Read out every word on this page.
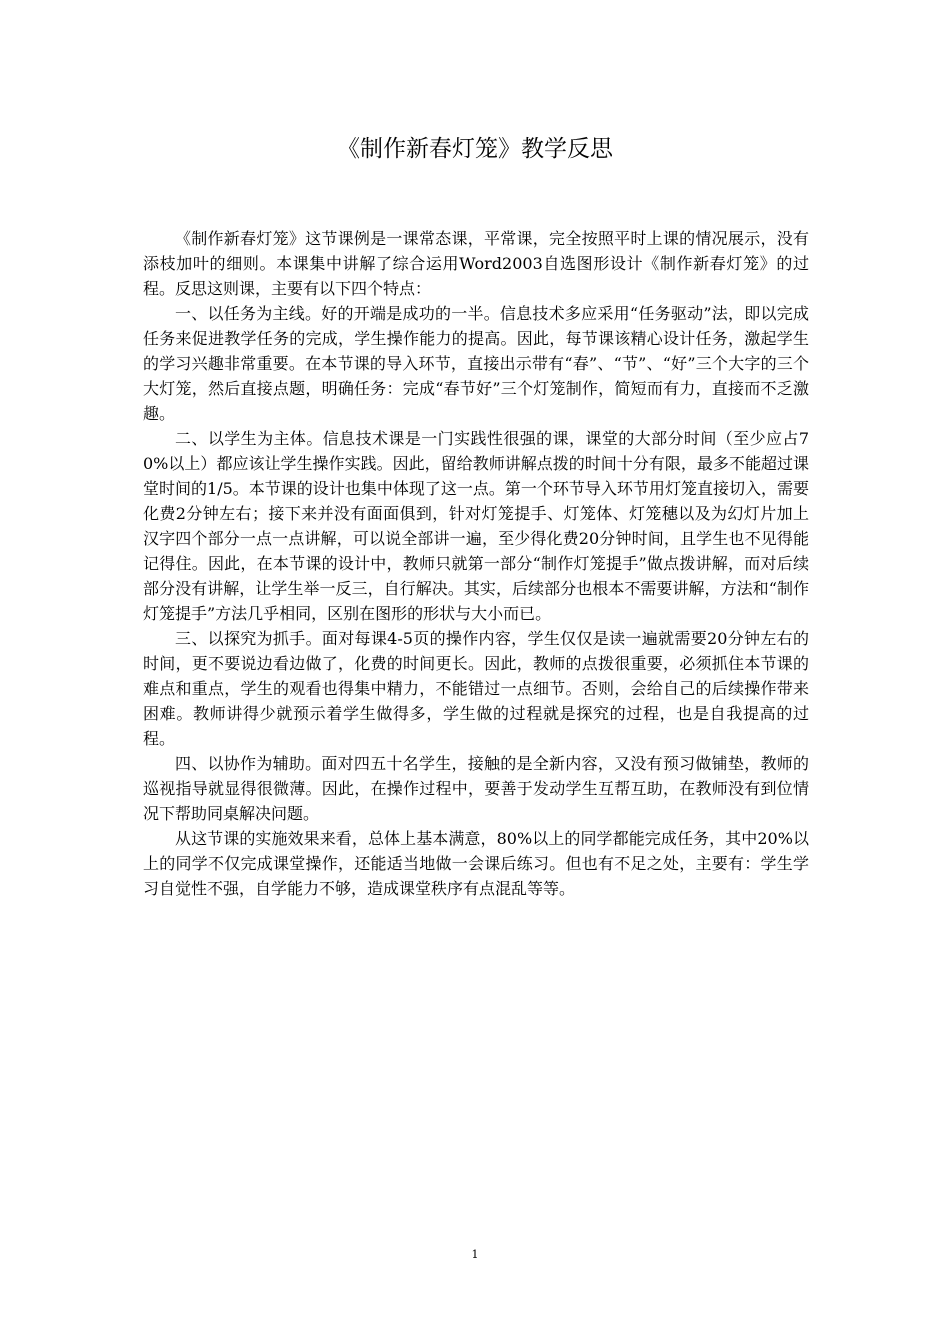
《制作新春灯笼》教学反思

《制作新春灯笼》这节课例是一课常态课，平常课，完全按照平时上课的情况展示，没有添枝加叶的细则。本课集中讲解了综合运用Word2003自选图形设计《制作新春灯笼》的过程。反思这则课，主要有以下四个特点：

一、以任务为主线。好的开端是成功的一半。信息技术多应采用“任务驱动”法，即以完成任务来促进教学任务的完成，学生操作能力的提高。因此，每节课该精心设计任务，激起学生的学习兴趣非常重要。在本节课的导入环节，直接出示带有“春”、“节”、“好”三个大字的三个大灯笼，然后直接点题，明确任务：完成“春节好”三个灯笼制作，简短而有力，直接而不乏激趣。

二、以学生为主体。信息技术课是一门实践性很强的课，课堂的大部分时间（至少应占70%以上）都应该让学生操作实践。因此，留给教师讲解点拨的时间十分有限，最多不能超过课堂时间的1/5。本节课的设计也集中体现了这一点。第一个环节导入环节用灯笼直接切入，需要化费2分钟左右；接下来并没有面面俱到，针对灯笼提手、灯笼体、灯笼穗以及为幻灯片加上汉字四个部分一点一点讲解，可以说全部讲一遍，至少得化费20分钟时间，且学生也不见得能记得住。因此，在本节课的设计中，教师只就第一部分“制作灯笼提手”做点拨讲解，而对后续部分没有讲解，让学生举一反三，自行解决。其实，后续部分也根本不需要讲解，方法和“制作灯笼提手”方法几乎相同，区别在图形的形状与大小而已。

三、以探究为抓手。面对每课4-5页的操作内容，学生仅仅是读一遍就需要20分钟左右的时间，更不要说边看边做了，化费的时间更长。因此，教师的点拨很重要，必须抓住本节课的难点和重点，学生的观看也得集中精力，不能错过一点细节。否则，会给自己的后续操作带来困难。教师讲得少就预示着学生做得多，学生做的过程就是探究的过程，也是自我提高的过程。

四、以协作为辅助。面对四五十名学生，接触的是全新内容，又没有预习做铺垫，教师的巡视指导就显得很微薄。因此，在操作过程中，要善于发动学生互帮互助，在教师没有到位情况下帮助同桌解决问题。

从这节课的实施效果来看，总体上基本满意，80%以上的同学都能完成任务，其中20%以上的同学不仅完成课堂操作，还能适当地做一会课后练习。但也有不足之处，主要有：学生学习自觉性不强，自学能力不够，造成课堂秩序有点混乱等等。

1
